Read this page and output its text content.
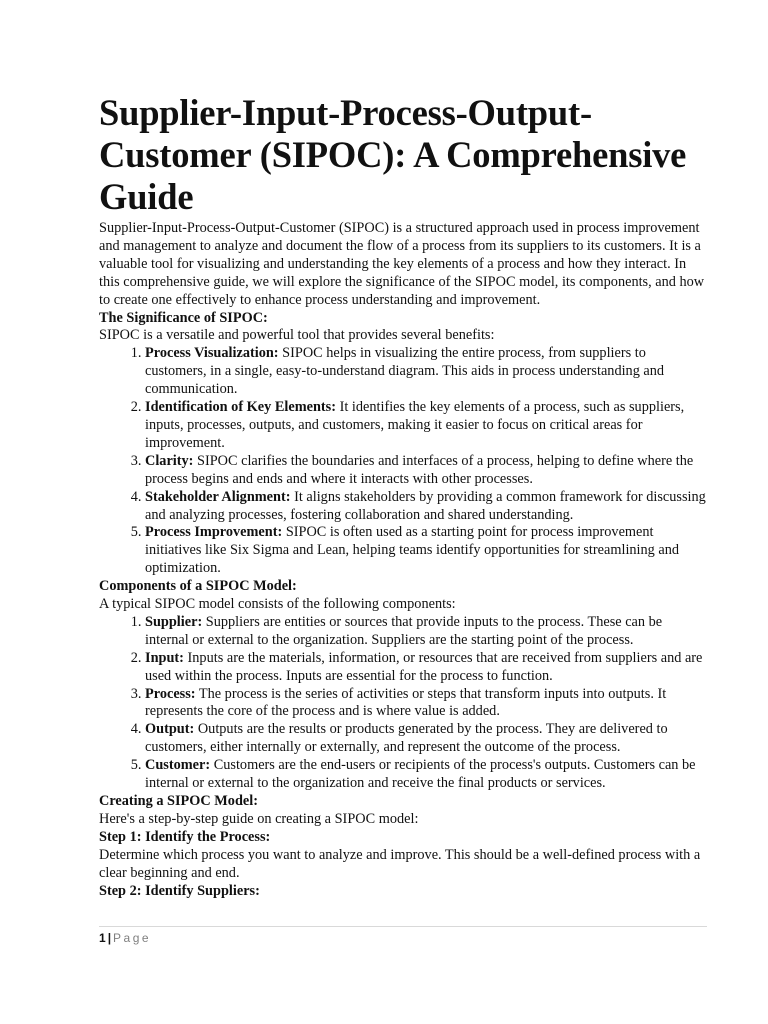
Supplier-Input-Process-Output-Customer (SIPOC): A Comprehensive Guide

Supplier-Input-Process-Output-Customer (SIPOC) is a structured approach used in process improvement and management to analyze and document the flow of a process from its suppliers to its customers. It is a valuable tool for visualizing and understanding the key elements of a process and how they interact. In this comprehensive guide, we will explore the significance of the SIPOC model, its components, and how to create one effectively to enhance process understanding and improvement.

The Significance of SIPOC:

SIPOC is a versatile and powerful tool that provides several benefits:

1. Process Visualization: SIPOC helps in visualizing the entire process, from suppliers to customers, in a single, easy-to-understand diagram. This aids in process understanding and communication.
2. Identification of Key Elements: It identifies the key elements of a process, such as suppliers, inputs, processes, outputs, and customers, making it easier to focus on critical areas for improvement.
3. Clarity: SIPOC clarifies the boundaries and interfaces of a process, helping to define where the process begins and ends and where it interacts with other processes.
4. Stakeholder Alignment: It aligns stakeholders by providing a common framework for discussing and analyzing processes, fostering collaboration and shared understanding.
5. Process Improvement: SIPOC is often used as a starting point for process improvement initiatives like Six Sigma and Lean, helping teams identify opportunities for streamlining and optimization.

Components of a SIPOC Model:

A typical SIPOC model consists of the following components:

1. Supplier: Suppliers are entities or sources that provide inputs to the process. These can be internal or external to the organization. Suppliers are the starting point of the process.
2. Input: Inputs are the materials, information, or resources that are received from suppliers and are used within the process. Inputs are essential for the process to function.
3. Process: The process is the series of activities or steps that transform inputs into outputs. It represents the core of the process and is where value is added.
4. Output: Outputs are the results or products generated by the process. They are delivered to customers, either internally or externally, and represent the outcome of the process.
5. Customer: Customers are the end-users or recipients of the process's outputs. Customers can be internal or external to the organization and receive the final products or services.

Creating a SIPOC Model:

Here's a step-by-step guide on creating a SIPOC model:

Step 1: Identify the Process:

Determine which process you want to analyze and improve. This should be a well-defined process with a clear beginning and end.

Step 2: Identify Suppliers:

1 | Page
